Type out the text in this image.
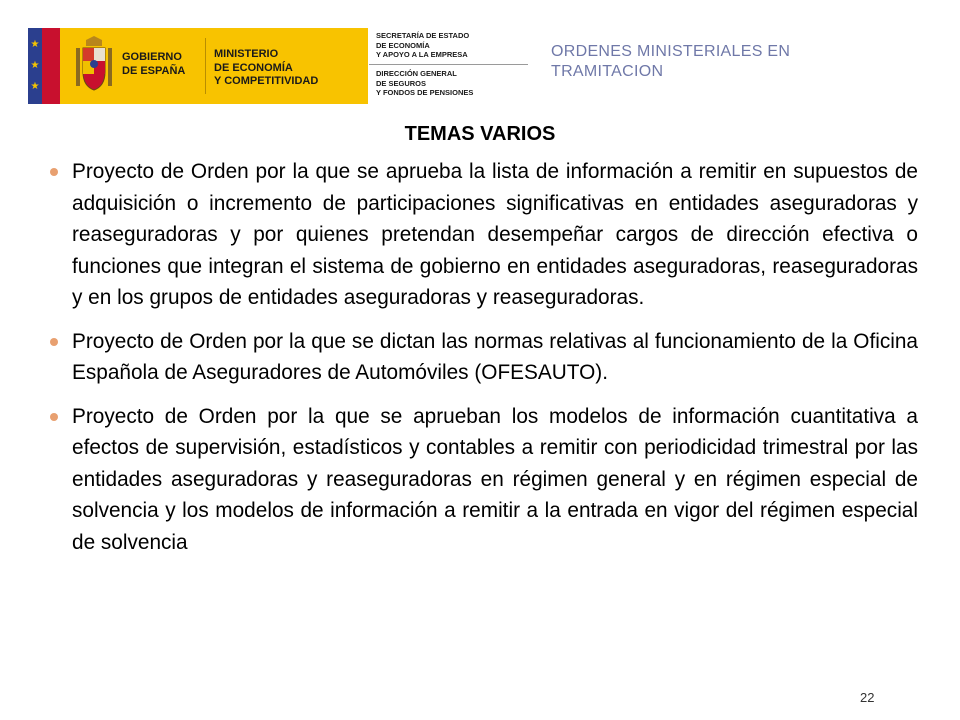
★
★
★
GOBIERNO
DE ESPAÑA
MINISTERIO
DE ECONOMÍA
Y COMPETITIVIDAD
SECRETARÍA DE ESTADO
DE ECONOMÍA
Y APOYO A LA EMPRESA
DIRECCIÓN GENERAL
DE SEGUROS
Y FONDOS DE PENSIONES
ORDENES MINISTERIALES EN TRAMITACION
TEMAS VARIOS
Proyecto de Orden por la que se aprueba la lista de información a remitir en supuestos de adquisición o incremento de participaciones significativas en entidades aseguradoras y reaseguradoras y por quienes pretendan desempeñar cargos de dirección efectiva o funciones que integran el sistema de gobierno en entidades aseguradoras, reaseguradoras y en los grupos de entidades aseguradoras y reaseguradoras.
Proyecto de Orden por la que se dictan las normas relativas al funcionamiento de la Oficina Española de Aseguradores de Automóviles (OFESAUTO).
Proyecto de Orden por la que se aprueban los modelos de información cuantitativa a efectos de supervisión, estadísticos y contables a remitir con periodicidad trimestral por las entidades aseguradoras y reaseguradoras en régimen general y en régimen especial de solvencia y los modelos de información a remitir a la entrada en vigor del régimen especial de solvencia
22
